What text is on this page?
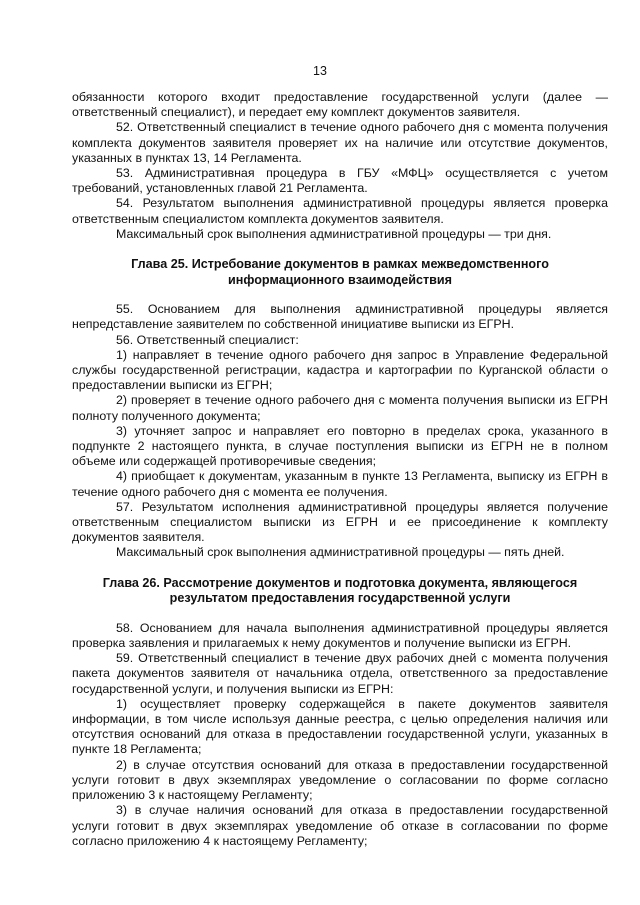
13

обязанности которого входит предоставление государственной услуги (далее — ответственный специалист), и передает ему комплект документов заявителя.

52. Ответственный специалист в течение одного рабочего дня с момента получения комплекта документов заявителя проверяет их на наличие или отсутствие документов, указанных в пунктах 13, 14 Регламента.

53. Административная процедура в ГБУ «МФЦ» осуществляется с учетом требований, установленных главой 21 Регламента.

54. Результатом выполнения административной процедуры является проверка ответственным специалистом комплекта документов заявителя.

Максимальный срок выполнения административной процедуры — три дня.

Глава 25. Истребование документов в рамках межведомственного

информационного взаимодействия

55. Основанием для выполнения административной процедуры является непредставление заявителем по собственной инициативе выписки из ЕГРН.

56. Ответственный специалист:

1) направляет в течение одного рабочего дня запрос в Управление Федеральной службы государственной регистрации, кадастра и картографии по Курганской области о предоставлении выписки из ЕГРН;

2) проверяет в течение одного рабочего дня с момента получения выписки из ЕГРН полноту полученного документа;

3) уточняет запрос и направляет его повторно в пределах срока, указанного в подпункте 2 настоящего пункта, в случае поступления выписки из ЕГРН не в полном объеме или содержащей противоречивые сведения;

4) приобщает к документам, указанным в пункте 13 Регламента, выписку из ЕГРН в течение одного рабочего дня с момента ее получения.

57. Результатом исполнения административной процедуры является получение ответственным специалистом выписки из ЕГРН и ее присоединение к комплекту документов заявителя.

Максимальный срок выполнения административной процедуры — пять дней.

Глава 26. Рассмотрение документов и подготовка документа, являющегося

результатом предоставления государственной услуги

58. Основанием для начала выполнения административной процедуры является проверка заявления и прилагаемых к нему документов и получение выписки из ЕГРН.

59. Ответственный специалист в течение двух рабочих дней с момента получения пакета документов заявителя от начальника отдела, ответственного за предоставление государственной услуги, и получения выписки из ЕГРН:

1) осуществляет проверку содержащейся в пакете документов заявителя информации, в том числе используя данные реестра, с целью определения наличия или отсутствия оснований для отказа в предоставлении государственной услуги, указанных в пункте 18 Регламента;

2) в случае отсутствия оснований для отказа в предоставлении государственной услуги готовит в двух экземплярах уведомление о согласовании по форме согласно приложению 3 к настоящему Регламенту;

3) в случае наличия оснований для отказа в предоставлении государственной услуги готовит в двух экземплярах уведомление об отказе в согласовании по форме согласно приложению 4 к настоящему Регламенту;
